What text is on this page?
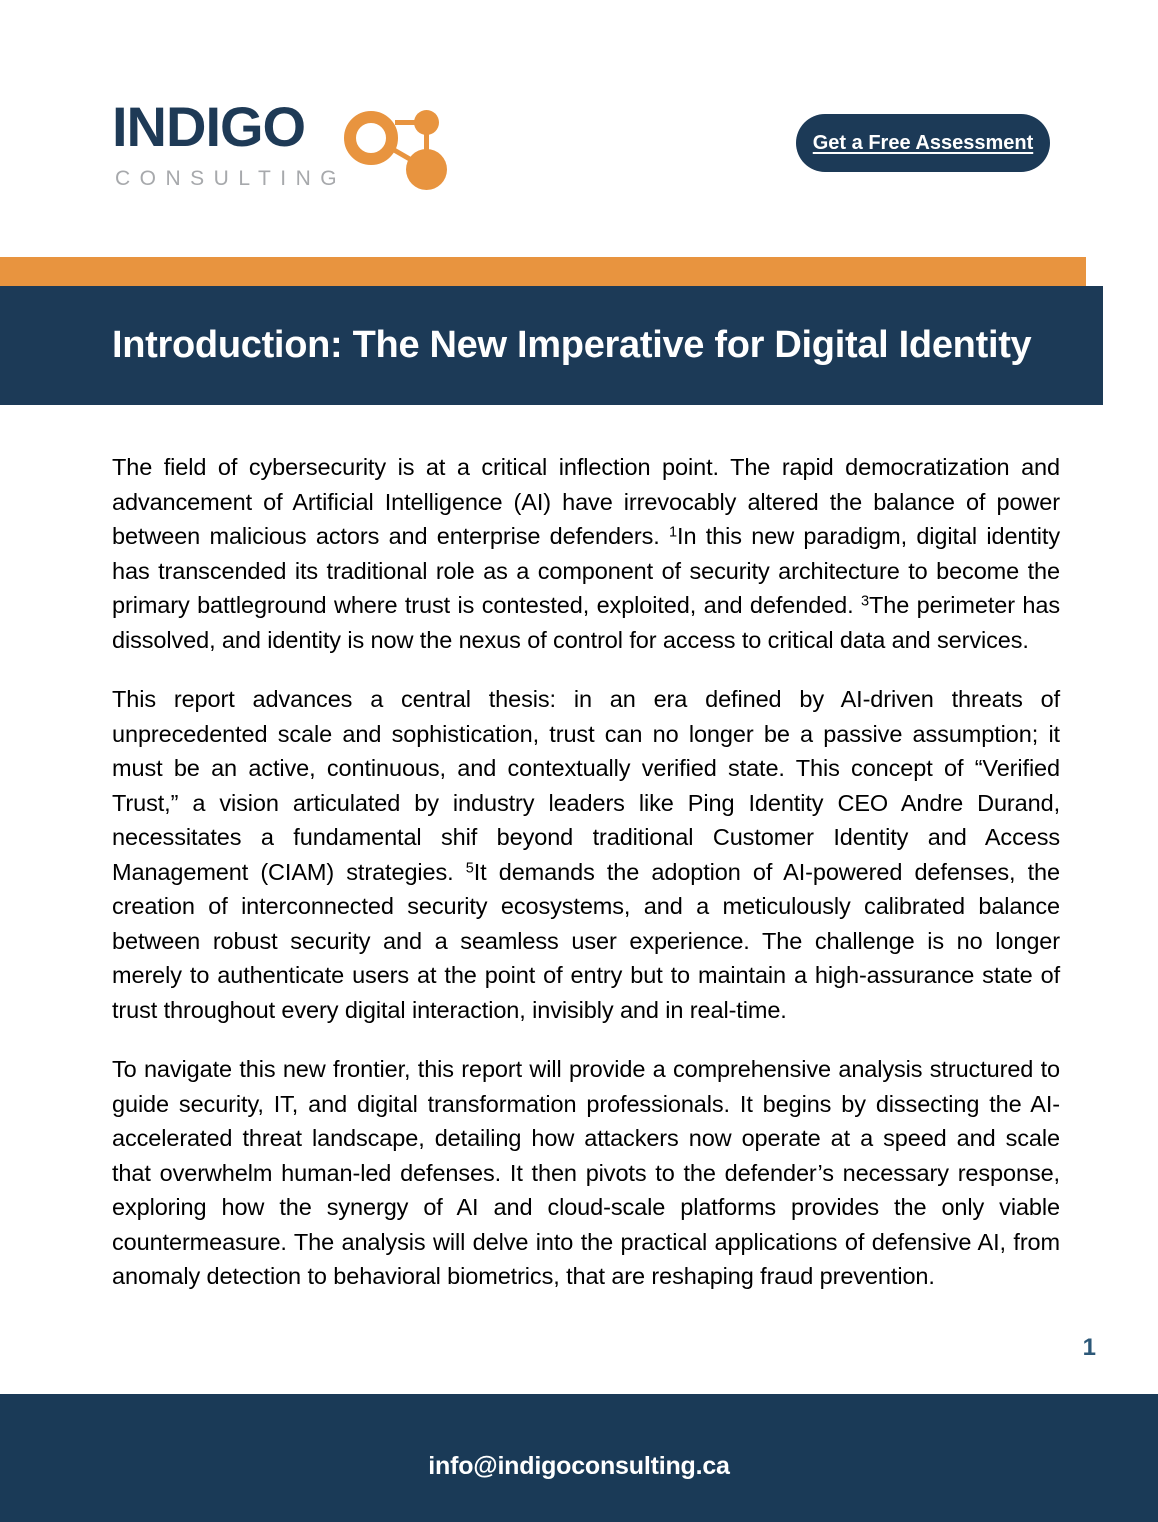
INDIGO
CONSULTING
Get a Free Assessment
Introduction: The New Imperative for Digital Identity

The field of cybersecurity is at a critical inflection point. The rapid democratization and advancement of Artificial Intelligence (AI) have irrevocably altered the balance of power between malicious actors and enterprise defenders. $^1$In this new paradigm, digital identity has transcended its traditional role as a component of security architecture to become the primary battleground where trust is contested, exploited, and defended. $^3$The perimeter has dissolved, and identity is now the nexus of control for access to critical data and services.

This report advances a central thesis: in an era defined by AI-driven threats of unprecedented scale and sophistication, trust can no longer be a passive assumption; it must be an active, continuous, and contextually verified state. This concept of “Verified Trust,” a vision articulated by industry leaders like Ping Identity CEO Andre Durand, necessitates a fundamental shif beyond traditional Customer Identity and Access Management (CIAM) strategies. $^5$It demands the adoption of AI-powered defenses, the creation of interconnected security ecosystems, and a meticulously calibrated balance between robust security and a seamless user experience. The challenge is no longer merely to authenticate users at the point of entry but to maintain a high-assurance state of trust throughout every digital interaction, invisibly and in real-time.

To navigate this new frontier, this report will provide a comprehensive analysis structured to guide security, IT, and digital transformation professionals. It begins by dissecting the AI-accelerated threat landscape, detailing how attackers now operate at a speed and scale that overwhelm human-led defenses. It then pivots to the defender’s necessary response, exploring how the synergy of AI and cloud-scale platforms provides the only viable countermeasure. The analysis will delve into the practical applications of defensive AI, from anomaly detection to behavioral biometrics, that are reshaping fraud prevention.

1
info@indigoconsulting.ca
